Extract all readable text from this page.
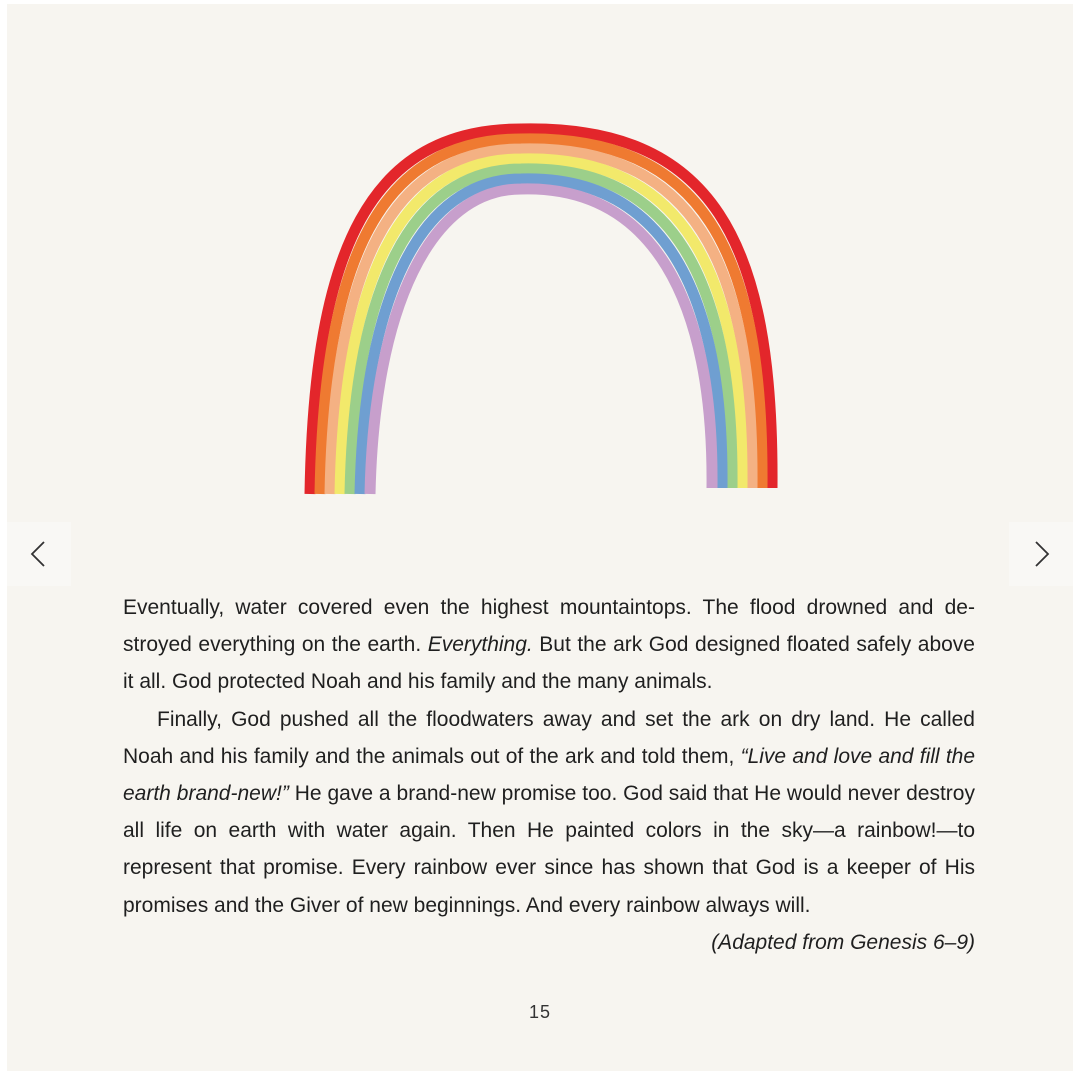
Eventually, water covered even the highest mountaintops. The flood drowned and destroyed everything on the earth. Everything. But the ark God designed floated safely above it all. God protected Noah and his family and the many animals.

Finally, God pushed all the floodwaters away and set the ark on dry land. He called Noah and his family and the animals out of the ark and told them, “Live and love and fill the earth brand-new!” He gave a brand-new promise too. God said that He would never destroy all life on earth with water again. Then He painted colors in the sky—a rainbow!—to represent that promise. Every rainbow ever since has shown that God is a keeper of His promises and the Giver of new beginnings. And every rainbow always will.

(Adapted from Genesis 6–9)

15
